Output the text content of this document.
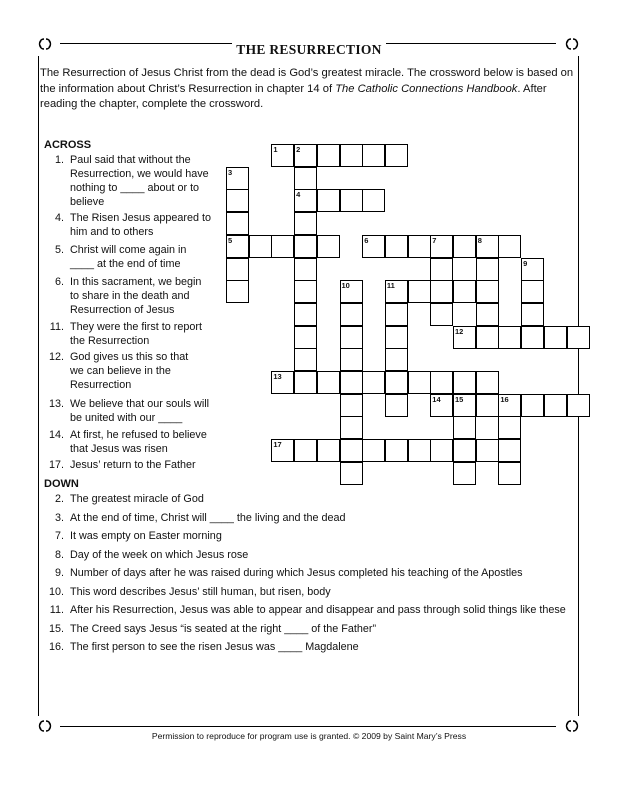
THE RESURRECTION
The Resurrection of Jesus Christ from the dead is God’s greatest miracle. The crossword below is based on the information about Christ’s Resurrection in chapter 14 of The Catholic Connections Handbook. After reading the chapter, complete the crossword.
ACROSS
1. Paul said that without the
Resurrection, we would have
nothing to ____ about or to
believe
4. The Risen Jesus appeared to
him and to others
5. Christ will come again in
____ at the end of time
6. In this sacrament, we begin
to share in the death and
Resurrection of Jesus
11. They were the first to report
the Resurrection
12. God gives us this so that
we can believe in the
Resurrection
13. We believe that our souls will
be united with our ____
14. At first, he refused to believe
that Jesus was risen
17. Jesus’ return to the Father
DOWN
2. The greatest miracle of God
3. At the end of time, Christ will ____ the living and the dead
7. It was empty on Easter morning
8. Day of the week on which Jesus rose
9. Number of days after he was raised during which Jesus completed his teaching of the Apostles
10. This word describes Jesus’ still human, but risen, body
11. After his Resurrection, Jesus was able to appear and disappear and pass through solid things like these
15. The Creed says Jesus “is seated at the right ____ of the Father”
16. The first person to see the risen Jesus was ____ Magdalene
1 2
3
4
5	6	7	8
9
10	11
12
13
14 15	16
17
Permission to reproduce for program use is granted. © 2009 by Saint Mary’s Press
